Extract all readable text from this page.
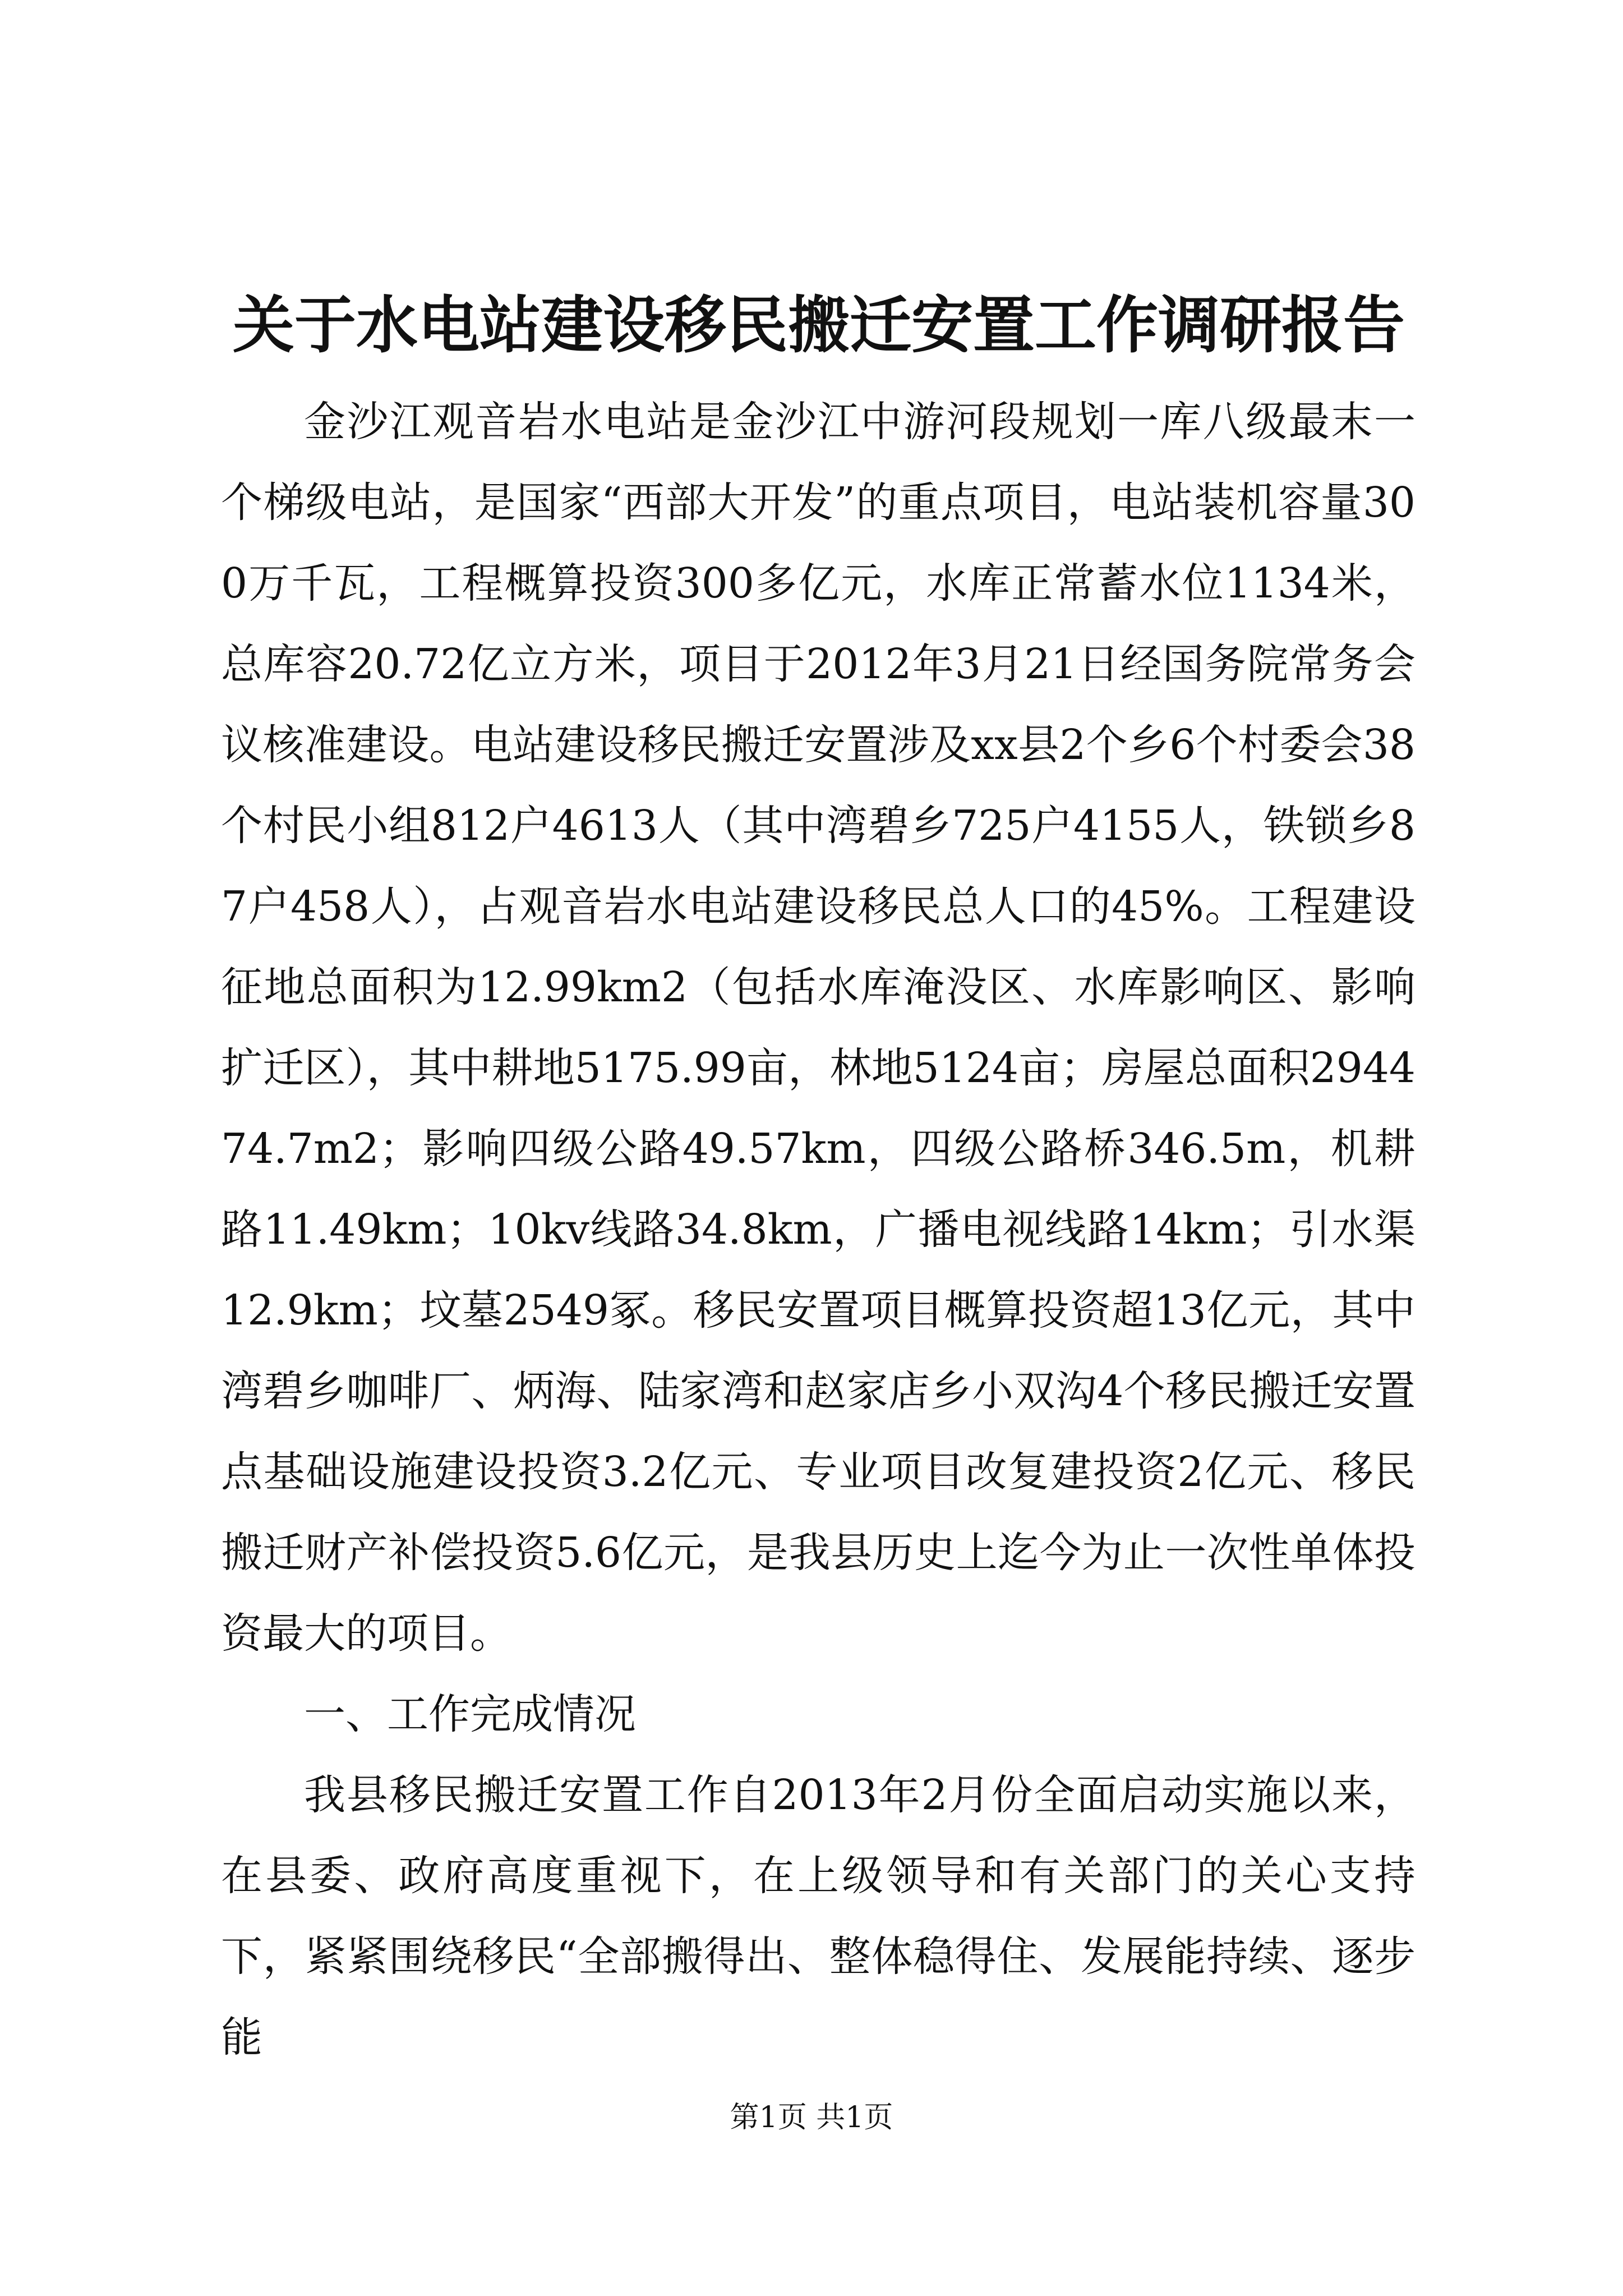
关于水电站建设移民搬迁安置工作调研报告

金沙江观音岩水电站是金沙江中游河段规划一库八级最末一个梯级电站，是国家“西部大开发”的重点项目，电站装机容量300万千瓦，工程概算投资300多亿元，水库正常蓄水位1134米，总库容20.72亿立方米，项目于2012年3月21日经国务院常务会议核准建设。电站建设移民搬迁安置涉及xx县2个乡6个村委会38个村民小组812户4613人（其中湾碧乡725户4155人，铁锁乡87户458人），占观音岩水电站建设移民总人口的45%。工程建设征地总面积为12.99km2（包括水库淹没区、水库影响区、影响扩迁区），其中耕地5175.99亩，林地5124亩；房屋总面积294474.7m2；影响四级公路49.57km，四级公路桥346.5m，机耕路11.49km；10kv线路34.8km，广播电视线路14km；引水渠12.9km；坟墓2549冢。移民安置项目概算投资超13亿元，其中湾碧乡咖啡厂、炳海、陆家湾和赵家店乡小双沟4个移民搬迁安置点基础设施建设投资3.2亿元、专业项目改复建投资2亿元、移民搬迁财产补偿投资5.6亿元，是我县历史上迄今为止一次性单体投资最大的项目。

一、工作完成情况

我县移民搬迁安置工作自2013年2月份全面启动实施以来，在县委、政府高度重视下，在上级领导和有关部门的关心支持下，紧紧围绕移民“全部搬得出、整体稳得住、发展能持续、逐步能

第1页 共1页
